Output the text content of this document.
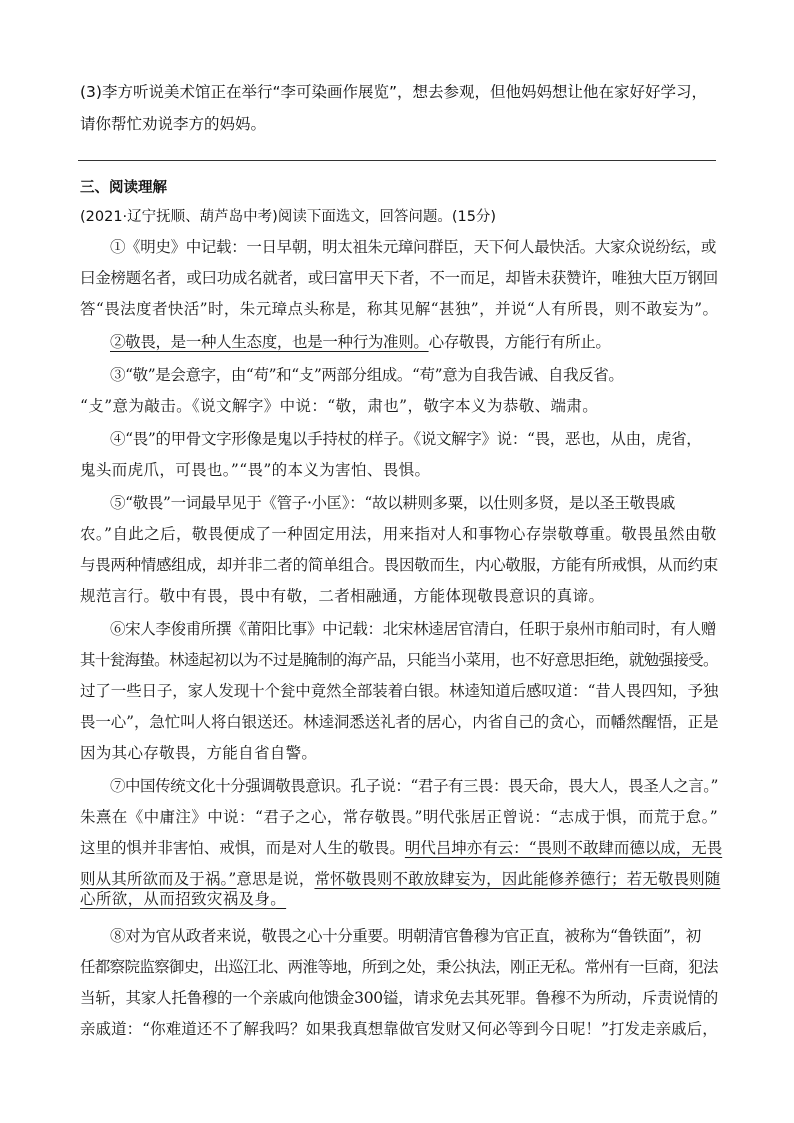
(3)李方听说美术馆正在举行“李可染画作展览”，想去参观，但他妈妈想让他在家好好学习，
请你帮忙劝说李方的妈妈。
三、阅读理解
(2021·辽宁抚顺、葫芦岛中考)阅读下面选文，回答问题。(15分)
①《明史》中记载：一日早朝，明太祖朱元璋问群臣，天下何人最快活。大家众说纷纭，或
曰金榜题名者，或曰功成名就者，或曰富甲天下者，不一而足，却皆未获赞许，唯独大臣万钢回
答“畏法度者快活”时，朱元璋点头称是，称其见解“甚独”，并说“人有所畏，则不敢妄为”。
②敬畏，是一种人生态度，也是一种行为准则。心存敬畏，方能行有所止。
③“敬”是会意字，由“苟”和“攴”两部分组成。“苟”意为自我告诫、自我反省。
“攴”意为敲击。《说文解字》中说：“敬，肃也”，敬字本义为恭敬、端肃。
④“畏”的甲骨文字形像是鬼以手持杖的样子。《说文解字》说：“畏，恶也，从由，虎省，
鬼头而虎爪，可畏也。”“畏”的本义为害怕、畏惧。
⑤“敬畏”一词最早见于《管子·小匡》：“故以耕则多粟，以仕则多贤，是以圣王敬畏戚
农。”自此之后，敬畏便成了一种固定用法，用来指对人和事物心存崇敬尊重。敬畏虽然由敬
与畏两种情感组成，却并非二者的简单组合。畏因敬而生，内心敬服，方能有所戒惧，从而约束
规范言行。敬中有畏，畏中有敬，二者相融通，方能体现敬畏意识的真谛。
⑥宋人李俊甫所撰《莆阳比事》中记载：北宋林逵居官清白，任职于泉州市舶司时，有人赠
其十瓮海蛰。林逵起初以为不过是腌制的海产品，只能当小菜用，也不好意思拒绝，就勉强接受。
过了一些日子，家人发现十个瓮中竟然全部装着白银。林逵知道后感叹道：“昔人畏四知，予独
畏一心”，急忙叫人将白银送还。林逵洞悉送礼者的居心，内省自己的贪心，而幡然醒悟，正是
因为其心存敬畏，方能自省自警。
⑦中国传统文化十分强调敬畏意识。孔子说：“君子有三畏：畏天命，畏大人，畏圣人之言。”
朱熹在《中庸注》中说：“君子之心，常存敬畏。”明代张居正曾说：“志成于惧，而荒于怠。”
这里的惧并非害怕、戒惧，而是对人生的敬畏。明代吕坤亦有云：“畏则不敢肆而德以成，无畏
则从其所欲而及于祸。”意思是说，常怀敬畏则不敢放肆妄为，因此能修养德行；若无敬畏则随
心所欲，从而招致灾祸及身。
⑧对为官从政者来说，敬畏之心十分重要。明朝清官鲁穆为官正直，被称为“鲁铁面”，初
任都察院监察御史，出巡江北、两淮等地，所到之处，秉公执法，刚正无私。常州有一巨商，犯法
当斩，其家人托鲁穆的一个亲戚向他馈金300镒，请求免去其死罪。鲁穆不为所动，斥责说情的
亲戚道：“你难道还不了解我吗？如果我真想靠做官发财又何必等到今日呢！”打发走亲戚后，
